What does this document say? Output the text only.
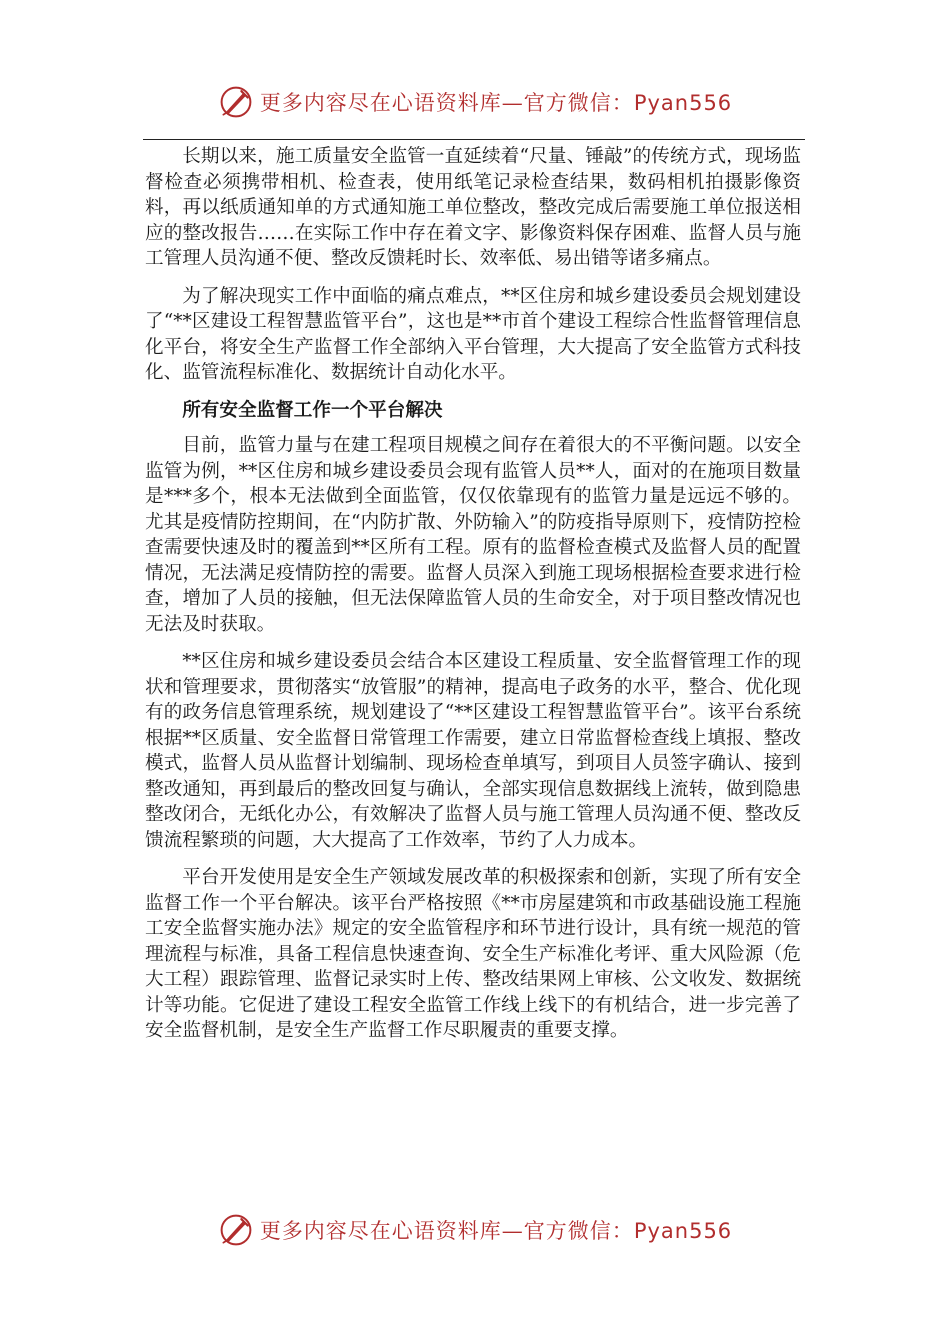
更多内容尽在心语资料库—官方微信：Pyan556

长期以来，施工质量安全监管一直延续着“尺量、锤敲”的传统方式，现场监督检查必须携带相机、检查表，使用纸笔记录检查结果，数码相机拍摄影像资料，再以纸质通知单的方式通知施工单位整改，整改完成后需要施工单位报送相应的整改报告……在实际工作中存在着文字、影像资料保存困难、监督人员与施工管理人员沟通不便、整改反馈耗时长、效率低、易出错等诸多痛点。

为了解决现实工作中面临的痛点难点，**区住房和城乡建设委员会规划建设了“**区建设工程智慧监管平台”，这也是**市首个建设工程综合性监督管理信息化平台，将安全生产监督工作全部纳入平台管理，大大提高了安全监管方式科技化、监管流程标准化、数据统计自动化水平。

所有安全监督工作一个平台解决

目前，监管力量与在建工程项目规模之间存在着很大的不平衡问题。以安全监管为例，**区住房和城乡建设委员会现有监管人员**人，面对的在施项目数量是***多个，根本无法做到全面监管，仅仅依靠现有的监管力量是远远不够的。尤其是疫情防控期间，在“内防扩散、外防输入”的防疫指导原则下，疫情防控检查需要快速及时的覆盖到**区所有工程。原有的监督检查模式及监督人员的配置情况，无法满足疫情防控的需要。监督人员深入到施工现场根据检查要求进行检查，增加了人员的接触，但无法保障监管人员的生命安全，对于项目整改情况也无法及时获取。

**区住房和城乡建设委员会结合本区建设工程质量、安全监督管理工作的现状和管理要求，贯彻落实“放管服”的精神，提高电子政务的水平，整合、优化现有的政务信息管理系统，规划建设了“**区建设工程智慧监管平台”。该平台系统根据**区质量、安全监督日常管理工作需要，建立日常监督检查线上填报、整改模式，监督人员从监督计划编制、现场检查单填写，到项目人员签字确认、接到整改通知，再到最后的整改回复与确认，全部实现信息数据线上流转，做到隐患整改闭合，无纸化办公，有效解决了监督人员与施工管理人员沟通不便、整改反馈流程繁琐的问题，大大提高了工作效率，节约了人力成本。

平台开发使用是安全生产领域发展改革的积极探索和创新，实现了所有安全监督工作一个平台解决。该平台严格按照《**市房屋建筑和市政基础设施工程施工安全监督实施办法》规定的安全监管程序和环节进行设计，具有统一规范的管理流程与标准，具备工程信息快速查询、安全生产标准化考评、重大风险源（危大工程）跟踪管理、监督记录实时上传、整改结果网上审核、公文收发、数据统计等功能。它促进了建设工程安全监管工作线上线下的有机结合，进一步完善了安全监督机制，是安全生产监督工作尽职履责的重要支撑。

更多内容尽在心语资料库—官方微信：Pyan556
